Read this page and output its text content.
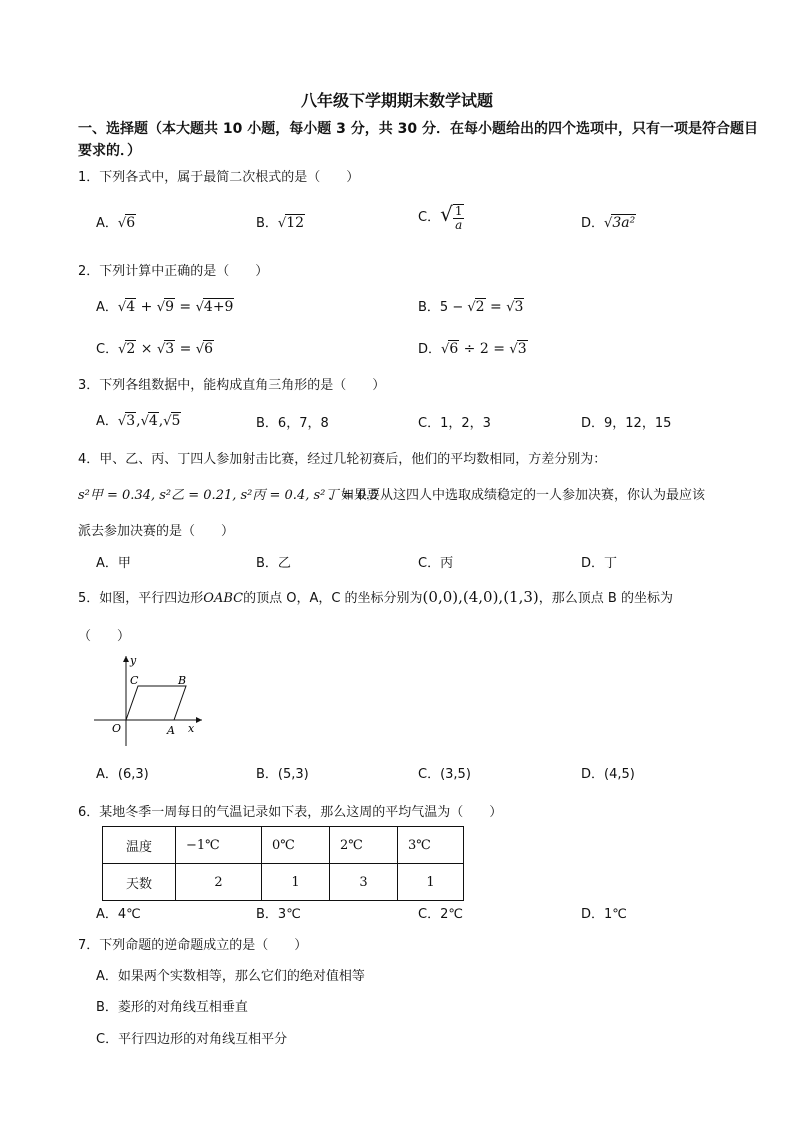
八年级下学期期末数学试题
一、选择题（本大题共 10 小题，每小题 3 分，共 30 分．在每小题给出的四个选项中，只有一项是符合题目要求的．）
1．下列各式中，属于最简二次根式的是（　　）
A．√6	B．√12	C．√ $\frac{1}{a}$	D．√3a²
2．下列计算中正确的是（　　）
A．√4 + √9 = √4+9	B．5 − √2 = √3
C．√2 × √3 = √6	D．√6 ÷ 2 = √3
3．下列各组数据中，能构成直角三角形的是（　　）
A．√3,√4,√5	B．6，7，8	C．1，2，3	D．9，12，15
4．甲、乙、丙、丁四人参加射击比赛，经过几轮初赛后，他们的平均数相同，方差分别为：
s²甲 = 0.34, s²乙 = 0.21, s²丙 = 0.4, s²丁 = 0.5
．如果要从这四人中选取成绩稳定的一人参加决赛，你认为最应该
派去参加决赛的是（　　）
A．甲	B．乙	C．丙	D．丁
5．如图，平行四边形OABC的顶点 O，A，C 的坐标分别为(0,0),(4,0),(1,3)，那么顶点 B 的坐标为
（　　）
y
x
O	A
B
C
A．(6,3)	B．(5,3)	C．(3,5)	D．(4,5)
6．某地冬季一周每日的气温记录如下表，那么这周的平均气温为（　　）
温度	−1℃	0℃	2℃	3℃
天数	2	1	3	1
A．4℃	B．3℃	C．2℃	D．1℃
7．下列命题的逆命题成立的是（　　）
A．如果两个实数相等，那么它们的绝对值相等
B．菱形的对角线互相垂直
C．平行四边形的对角线互相平分
